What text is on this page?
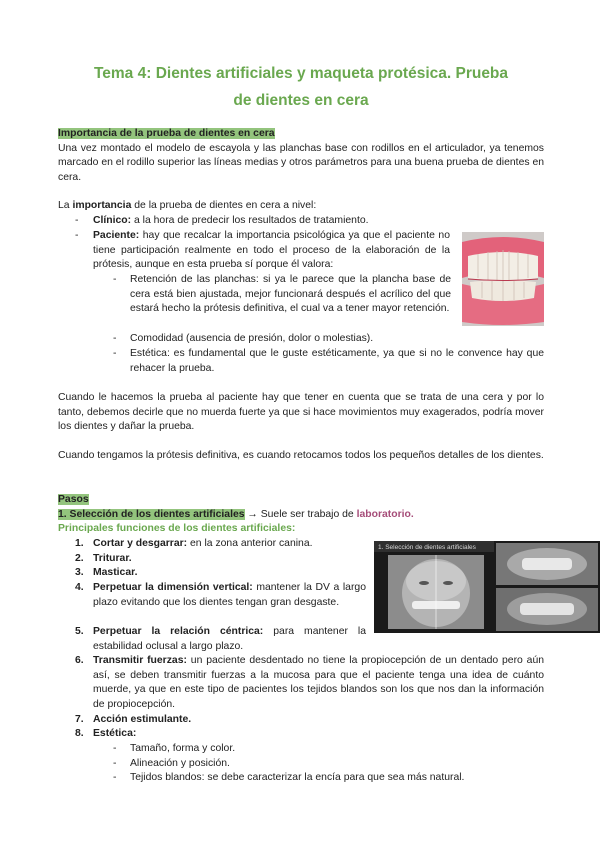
Tema 4: Dientes artificiales y maqueta protésica. Prueba
de dientes en cera
Importancia de la prueba de dientes en cera

Una vez montado el modelo de escayola y las planchas base con rodillos en el articulador, ya tenemos marcado en el rodillo superior las líneas medias y otros parámetros para una buena prueba de dientes en cera.

La importancia de la prueba de dientes en cera a nivel:
- Clínico: a la hora de predecir los resultados de tratamiento.
- Paciente: hay que recalcar la importancia psicológica ya que el paciente no tiene participación realmente en todo el proceso de la elaboración de la prótesis, aunque en esta prueba sí porque él valora:
- Retención de las planchas: si ya le parece que la plancha base de cera está bien ajustada, mejor funcionará después el acrílico del que estará hecho la prótesis definitiva, el cual va a tener mayor retención.
- Comodidad (ausencia de presión, dolor o molestias).
- Estética: es fundamental que le guste estéticamente, ya que si no le convence hay que rehacer la prueba.
Cuando le hacemos la prueba al paciente hay que tener en cuenta que se trata de una cera y por lo tanto, debemos decirle que no muerda fuerte ya que si hace movimientos muy exagerados, podría mover los dientes y dañar la prueba.
Cuando tengamos la prótesis definitiva, es cuando retocamos todos los pequeños detalles de los dientes.
Pasos
1. Selección de los dientes artificiales → Suele ser trabajo de laboratorio.
Principales funciones de los dientes artificiales:
1. Cortar y desgarrar: en la zona anterior canina.
2. Triturar.
3. Masticar.
4. Perpetuar la dimensión vertical: mantener la DV a largo plazo evitando que los dientes tengan gran desgaste.
5. Perpetuar la relación céntrica: para mantener la estabilidad oclusal a largo plazo.
6. Transmitir fuerzas: un paciente desdentado no tiene la propiocepción de un dentado pero aún así, se deben transmitir fuerzas a la mucosa para que el paciente tenga una idea de cuánto muerde, ya que en este tipo de pacientes los tejidos blandos son los que nos dan la información de propiocepción.
7. Acción estimulante.
8. Estética:
- Tamaño, forma y color.
- Alineación y posición.
- Tejidos blandos: se debe caracterizar la encía para que sea más natural.
1. Selección de dientes artificiales
